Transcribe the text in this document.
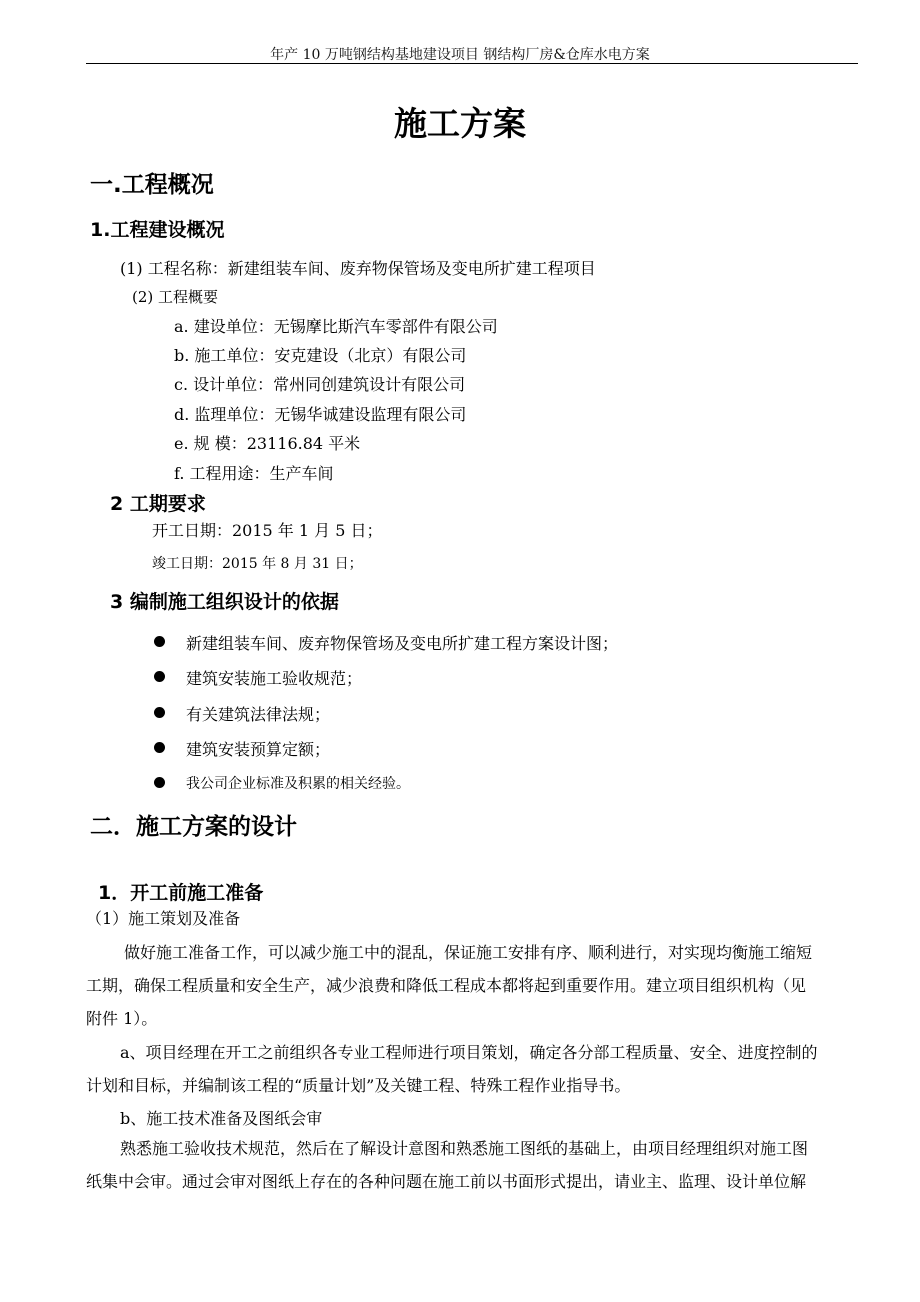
年产 10 万吨钢结构基地建设项目 钢结构厂房&仓库水电方案
施工方案
一.工程概况
1.工程建设概况
(1) 工程名称：新建组装车间、废弃物保管场及变电所扩建工程项目
(2) 工程概要
a. 建设单位：无锡摩比斯汽车零部件有限公司
b. 施工单位：安克建设（北京）有限公司
c. 设计单位：常州同创建筑设计有限公司
d. 监理单位：无锡华诚建设监理有限公司
e. 规 模：23116.84 平米
f. 工程用途：生产车间
2 工期要求
开工日期：2015 年 1 月 5 日；
竣工日期：2015 年 8 月 31 日；
3 编制施工组织设计的依据
新建组装车间、废弃物保管场及变电所扩建工程方案设计图；
建筑安装施工验收规范；
有关建筑法律法规；
建筑安装预算定额；
我公司企业标准及积累的相关经验。
二．施工方案的设计
1．开工前施工准备
（1）施工策划及准备
做好施工准备工作，可以减少施工中的混乱，保证施工安排有序、顺利进行，对实现均衡施工缩短
工期，确保工程质量和安全生产，减少浪费和降低工程成本都将起到重要作用。建立项目组织机构（见
附件 1）。
a、项目经理在开工之前组织各专业工程师进行项目策划，确定各分部工程质量、安全、进度控制的
计划和目标，并编制该工程的“质量计划”及关键工程、特殊工程作业指导书。
b、施工技术准备及图纸会审
熟悉施工验收技术规范，然后在了解设计意图和熟悉施工图纸的基础上，由项目经理组织对施工图
纸集中会审。通过会审对图纸上存在的各种问题在施工前以书面形式提出，请业主、监理、设计单位解
